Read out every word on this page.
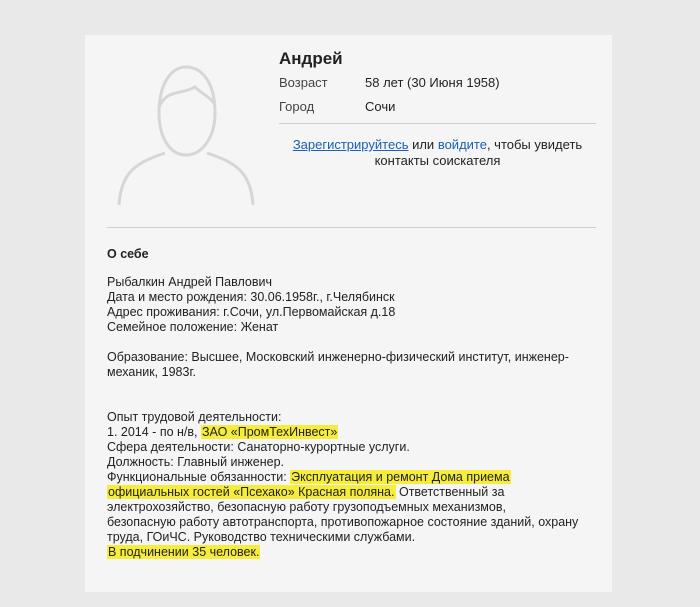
Андрей
Возраст	58 лет (30 Июня 1958)
Город	Сочи
Зарегистрируйтесь или войдите, чтобы увидеть
контакты соискателя
О себе
Рыбалкин Андрей Павлович
Дата и место рождения: 30.06.1958г., г.Челябинск
Адрес проживания: г.Сочи, ул.Первомайская д.18
Семейное положение: Женат
Образование: Высшее, Московский инженерно-физический институт, инженер-
механик, 1983г.
Опыт трудовой деятельности:
1. 2014 - по н/в, ЗАО «ПромТехИнвест»
Сфера деятельности: Санаторно-курортные услуги.
Должность: Главный инженер.
Функциональные обязанности: Эксплуатация и ремонт Дома приема
официальных гостей «Псехако» Красная поляна. Ответственный за
электрохозяйство, безопасную работу грузоподъемных механизмов,
безопасную работу автотранспорта, противопожарное состояние зданий, охрану
труда, ГОиЧС. Руководство техническими службами.
В подчинении 35 человек.
